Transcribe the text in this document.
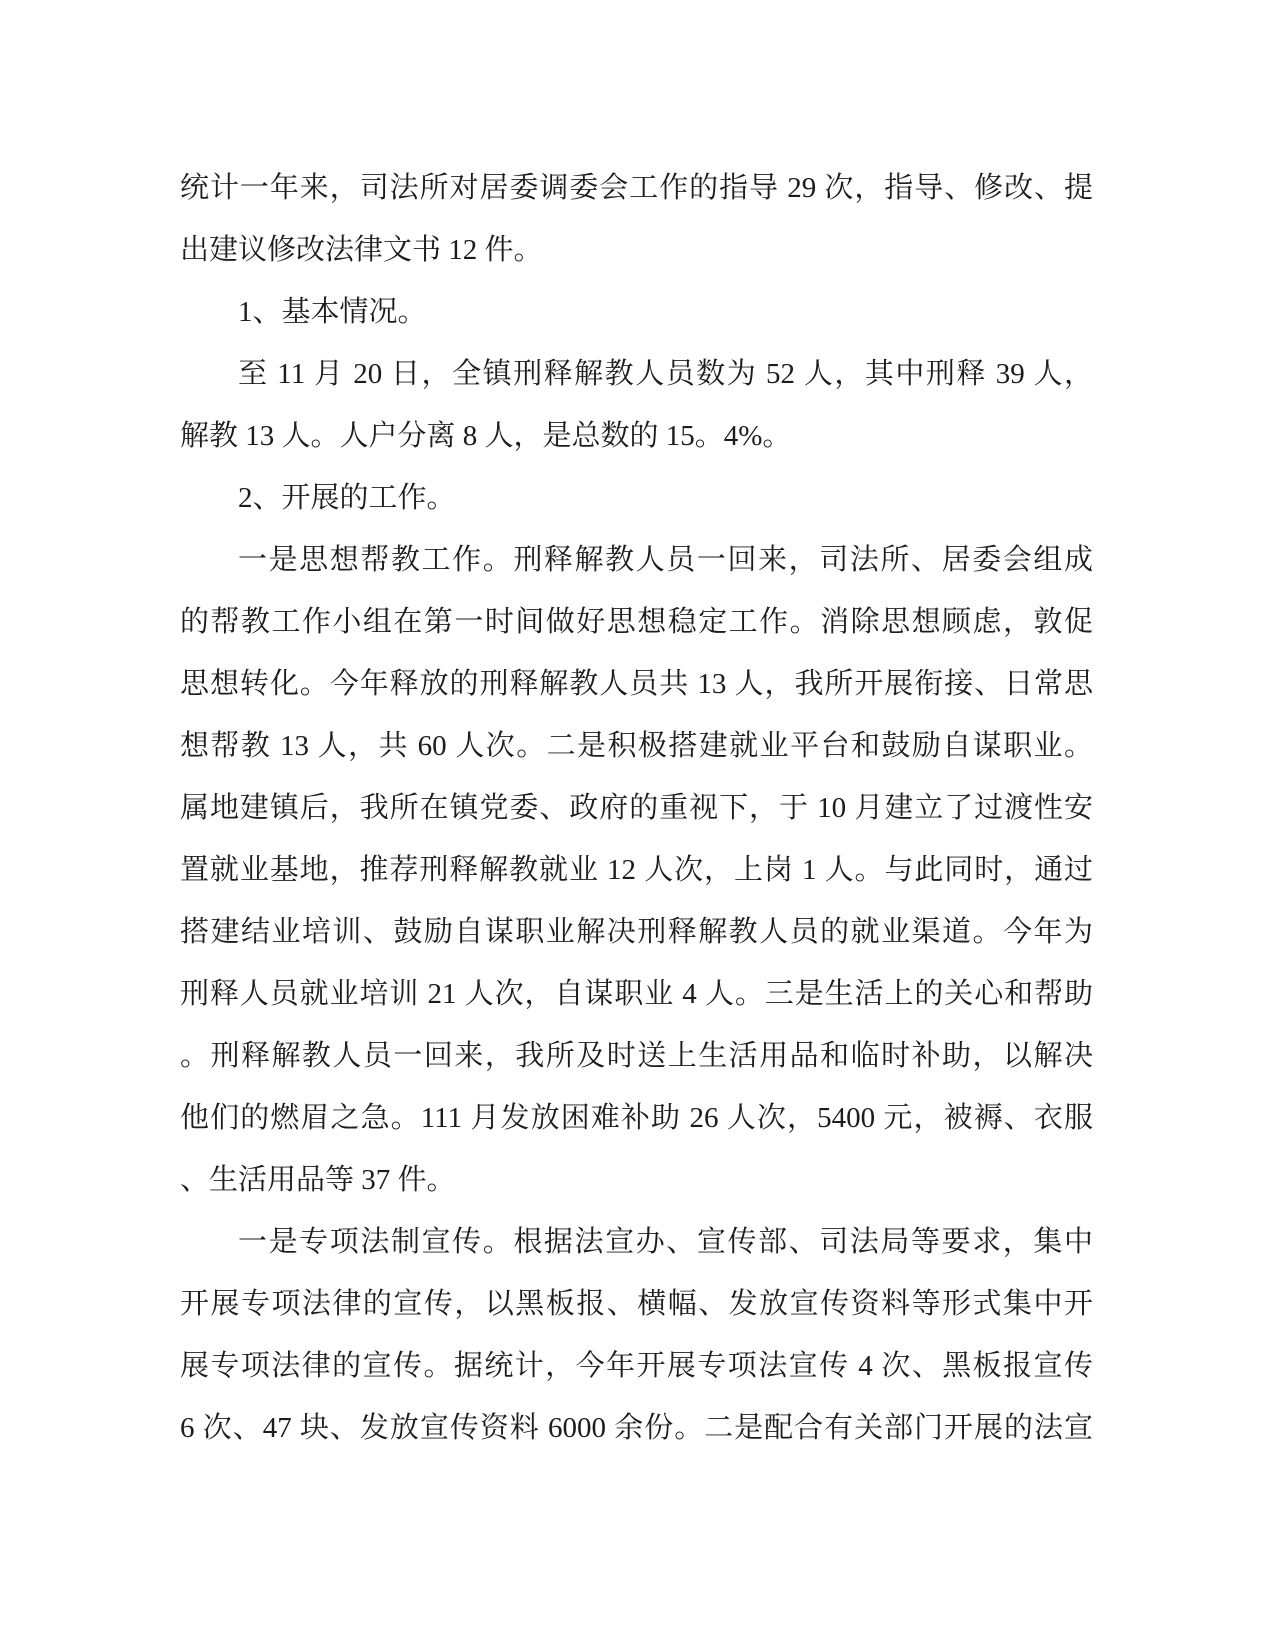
统计一年来，司法所对居委调委会工作的指导 29 次，指导、修改、提
出建议修改法律文书 12 件。
1、基本情况。
至 11 月 20 日，全镇刑释解教人员数为 52 人，其中刑释 39 人，
解教 13 人。人户分离 8 人，是总数的 15。4%。
2、开展的工作。
一是思想帮教工作。刑释解教人员一回来，司法所、居委会组成
的帮教工作小组在第一时间做好思想稳定工作。消除思想顾虑，敦促
思想转化。今年释放的刑释解教人员共 13 人，我所开展衔接、日常思
想帮教 13 人，共 60 人次。二是积极搭建就业平台和鼓励自谋职业。
属地建镇后，我所在镇党委、政府的重视下，于 10 月建立了过渡性安
置就业基地，推荐刑释解教就业 12 人次，上岗 1 人。与此同时，通过
搭建结业培训、鼓励自谋职业解决刑释解教人员的就业渠道。今年为
刑释人员就业培训 21 人次，自谋职业 4 人。三是生活上的关心和帮助
。刑释解教人员一回来，我所及时送上生活用品和临时补助，以解决
他们的燃眉之急。111 月发放困难补助 26 人次，5400 元，被褥、衣服
、生活用品等 37 件。
一是专项法制宣传。根据法宣办、宣传部、司法局等要求，集中
开展专项法律的宣传，以黑板报、横幅、发放宣传资料等形式集中开
展专项法律的宣传。据统计，今年开展专项法宣传 4 次、黑板报宣传
6 次、47 块、发放宣传资料 6000 余份。二是配合有关部门开展的法宣
